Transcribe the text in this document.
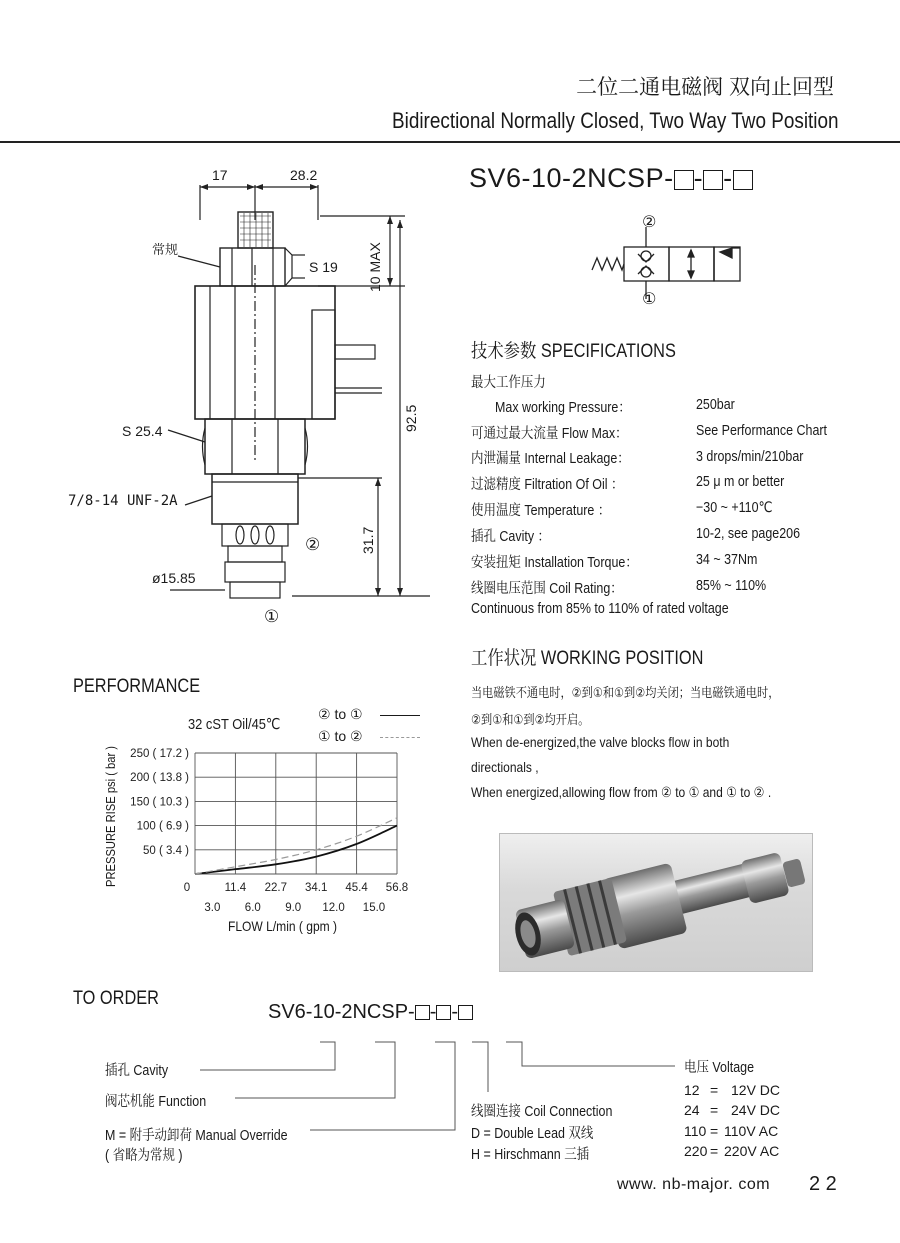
二位二通电磁阀 双向止回型
Bidirectional Normally Closed, Two Way Two Position
SV6-10-2NCSP- - -
17	28.2
常规
S 19 10 MAX
92.5
S 25.4
7/8-14 UNF-2A
②	31.7
ø15.85
①
②
①
技术参数 SPECIFICATIONS
最大工作压力
Max working Pressure：	250bar
可通过最大流量 Flow Max：	See Performance Chart
内泄漏量 Internal Leakage：	3 drops/min/210bar
过滤精度 Filtration Of Oil ：	25 μ m or better
使用温度 Temperature ：	−30 ~ +110℃
插孔 Cavity ：	10-2, see page206
安装扭矩 Installation Torque：	34 ~ 37Nm
线圈电压范围 Coil Rating：	85% ~ 110%
Continuous from 85% to 110% of rated voltage
工作状况 WORKING POSITION
当电磁铁不通电时，②到①和①到②均关闭；当电磁铁通电时，
②到①和①到②均开启。
When de-energized,the valve blocks flow in both
directionals ,
When energized,allowing flow from ② to ① and ① to ② .
PERFORMANCE
32 cST Oil/45℃
② to ①
① to ②
PRESSURE RISE psi ( bar ) 50 ( 3.4 )
100 ( 6.9 )
150 ( 10.3 )
200 ( 13.8 )
250 ( 17.2 )
0	11.4 22.7 34.1 45.4 56.8
3.0 6.0 9.0 12.0 15.0
FLOW L/min ( gpm )
TO ORDER
SV6-10-2NCSP- - -
插孔 Cavity
阀芯机能 Function
M = 附手动卸荷 Manual Override
( 省略为常规 )
线圈连接 Coil Connection
D = Double Lead 双线
H = Hirschmann 三插
电压 Voltage
12 = 12V DC
24 = 24V DC
110 = 110V AC
220 = 220V AC
www. nb-major. com 2 2
